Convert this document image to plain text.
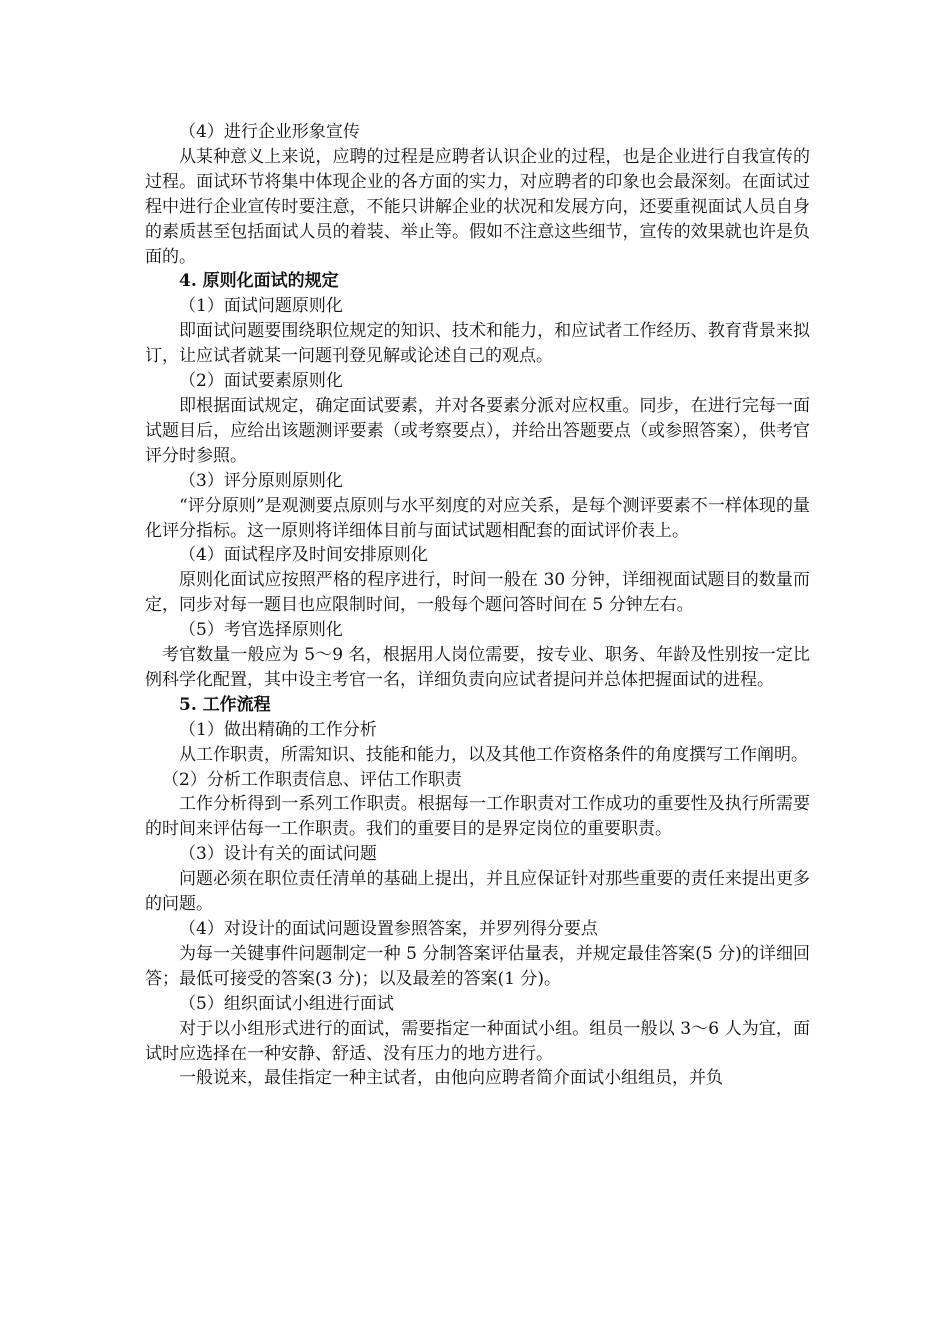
（4）进行企业形象宣传
从某种意义上来说，应聘的过程是应聘者认识企业的过程，也是企业进行自我宣传的过程。面试环节将集中体现企业的各方面的实力，对应聘者的印象也会最深刻。在面试过程中进行企业宣传时要注意，不能只讲解企业的状况和发展方向，还要重视面试人员自身的素质甚至包括面试人员的着装、举止等。假如不注意这些细节，宣传的效果就也许是负面的。
4. 原则化面试的规定
（1）面试问题原则化
即面试问题要围绕职位规定的知识、技术和能力，和应试者工作经历、教育背景来拟订，让应试者就某一问题刊登见解或论述自己的观点。
（2）面试要素原则化
即根据面试规定，确定面试要素，并对各要素分派对应权重。同步，在进行完每一面试题目后，应给出该题测评要素（或考察要点），并给出答题要点（或参照答案），供考官评分时参照。
（3）评分原则原则化
“评分原则”是观测要点原则与水平刻度的对应关系，是每个测评要素不一样体现的量化评分指标。这一原则将详细体目前与面试试题相配套的面试评价表上。
（4）面试程序及时间安排原则化
原则化面试应按照严格的程序进行，时间一般在 30 分钟，详细视面试题目的数量而定，同步对每一题目也应限制时间，一般每个题问答时间在 5 分钟左右。
（5）考官选择原则化
考官数量一般应为 5～9 名，根据用人岗位需要，按专业、职务、年龄及性别按一定比例科学化配置，其中设主考官一名，详细负责向应试者提问并总体把握面试的进程。
5. 工作流程
（1）做出精确的工作分析
从工作职责，所需知识、技能和能力，以及其他工作资格条件的角度撰写工作阐明。
（2）分析工作职责信息、评估工作职责
工作分析得到一系列工作职责。根据每一工作职责对工作成功的重要性及执行所需要的时间来评估每一工作职责。我们的重要目的是界定岗位的重要职责。
（3）设计有关的面试问题
问题必须在职位责任清单的基础上提出，并且应保证针对那些重要的责任来提出更多的问题。
（4）对设计的面试问题设置参照答案，并罗列得分要点
为每一关键事件问题制定一种 5 分制答案评估量表，并规定最佳答案(5 分)的详细回答；最低可接受的答案(3 分)；以及最差的答案(1 分)。
（5）组织面试小组进行面试
对于以小组形式进行的面试，需要指定一种面试小组。组员一般以 3～6 人为宜，面试时应选择在一种安静、舒适、没有压力的地方进行。
一般说来，最佳指定一种主试者，由他向应聘者简介面试小组组员，并负
